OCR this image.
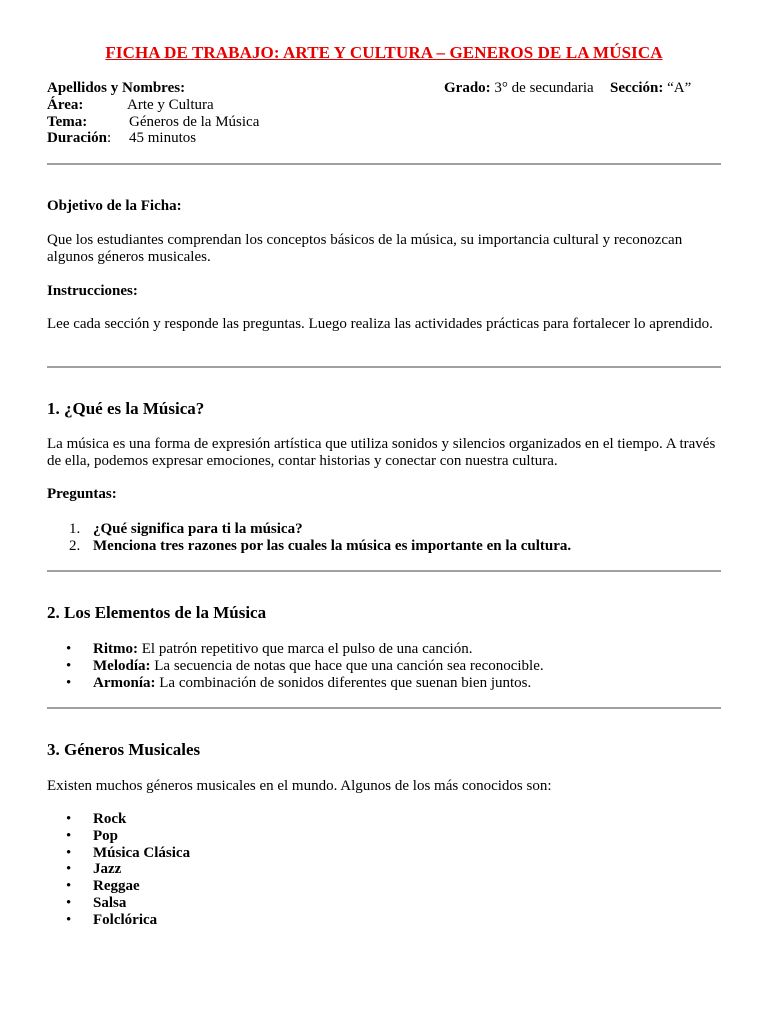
FICHA DE TRABAJO: ARTE Y CULTURA – GENEROS DE LA MÚSICA
Apellidos y Nombres:	Grado: 3° de secundaria Sección: “A”
Área:	Arte y Cultura
Tema:	Géneros de la Música
Duración: 45 minutos
Objetivo de la Ficha:
Que los estudiantes comprendan los conceptos básicos de la música, su importancia cultural y reconozcan algunos géneros musicales.
Instrucciones:
Lee cada sección y responde las preguntas. Luego realiza las actividades prácticas para fortalecer lo aprendido.
1. ¿Qué es la Música?
La música es una forma de expresión artística que utiliza sonidos y silencios organizados en el tiempo. A través de ella, podemos expresar emociones, contar historias y conectar con nuestra cultura.
Preguntas:
1. ¿Qué significa para ti la música?
2. Menciona tres razones por las cuales la música es importante en la cultura.
2. Los Elementos de la Música
• Ritmo: El patrón repetitivo que marca el pulso de una canción.
• Melodía: La secuencia de notas que hace que una canción sea reconocible.
• Armonía: La combinación de sonidos diferentes que suenan bien juntos.
3. Géneros Musicales
Existen muchos géneros musicales en el mundo. Algunos de los más conocidos son:
• Rock
• Pop
• Música Clásica
• Jazz
• Reggae
• Salsa
• Folclórica
